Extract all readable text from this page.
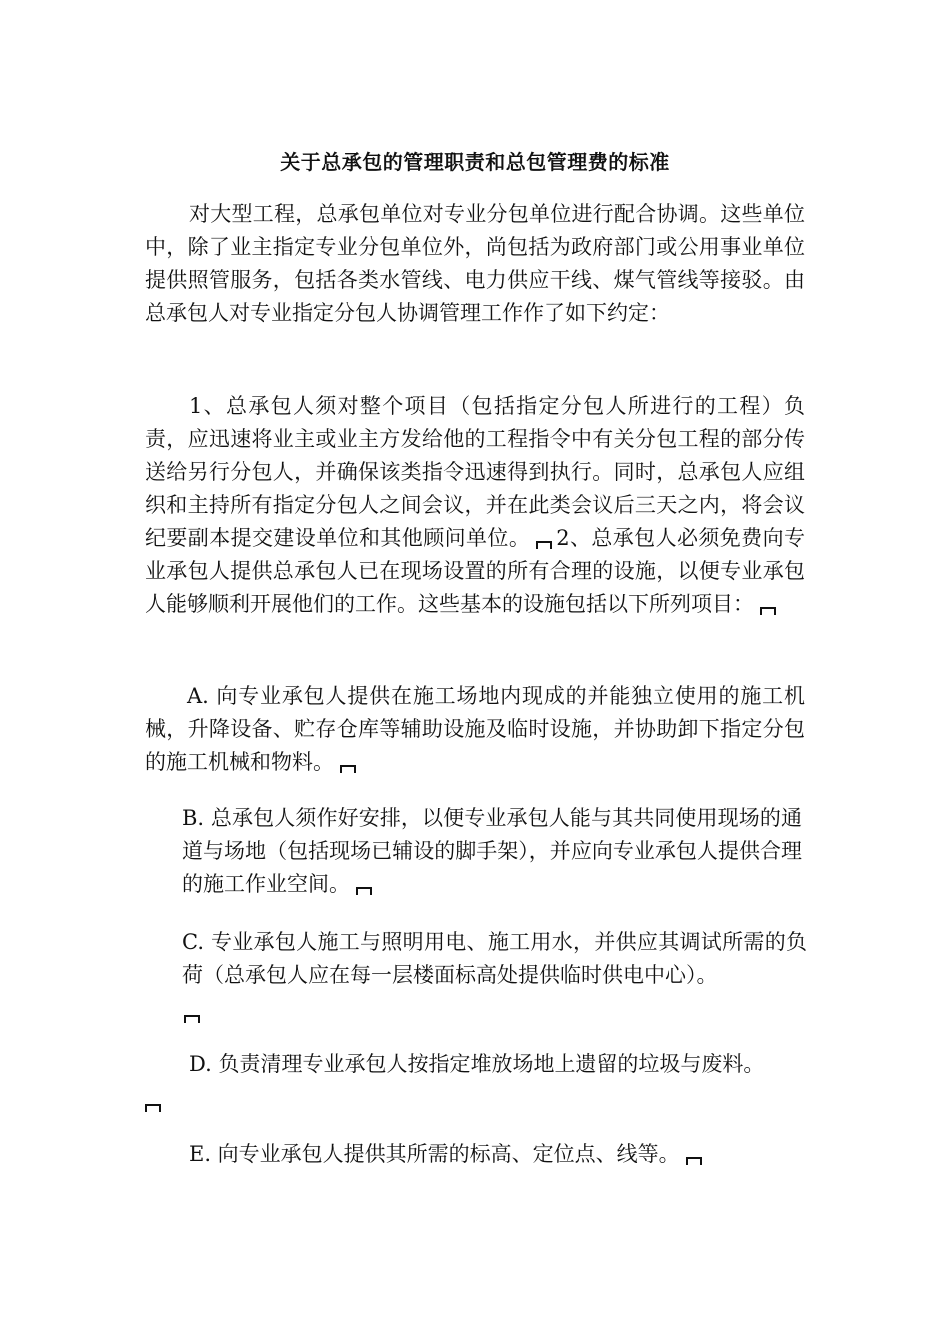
关于总承包的管理职责和总包管理费的标准
对大型工程，总承包单位对专业分包单位进行配合协调。这些单位中，除了业主指定专业分包单位外，尚包括为政府部门或公用事业单位提供照管服务，包括各类水管线、电力供应干线、煤气管线等接驳。由总承包人对专业指定分包人协调管理工作作了如下约定：
1、总承包人须对整个项目（包括指定分包人所进行的工程）负责，应迅速将业主或业主方发给他的工程指令中有关分包工程的部分传送给另行分包人，并确保该类指令迅速得到执行。同时，总承包人应组织和主持所有指定分包人之间会议，并在此类会议后三天之内，将会议纪要副本提交建设单位和其他顾问单位。 2、总承包人必须免费向专业承包人提供总承包人已在现场设置的所有合理的设施，以便专业承包人能够顺利开展他们的工作。这些基本的设施包括以下所列项目：
A. 向专业承包人提供在施工场地内现成的并能独立使用的施工机械，升降设备、贮存仓库等辅助设施及临时设施，并协助卸下指定分包的施工机械和物料。
B. 总承包人须作好安排，以便专业承包人能与其共同使用现场的通道与场地（包括现场已辅设的脚手架），并应向专业承包人提供合理的施工作业空间。
C. 专业承包人施工与照明用电、施工用水，并供应其调试所需的负荷（总承包人应在每一层楼面标高处提供临时供电中心）。
D. 负责清理专业承包人按指定堆放场地上遗留的垃圾与废料。
E. 向专业承包人提供其所需的标高、定位点、线等。
